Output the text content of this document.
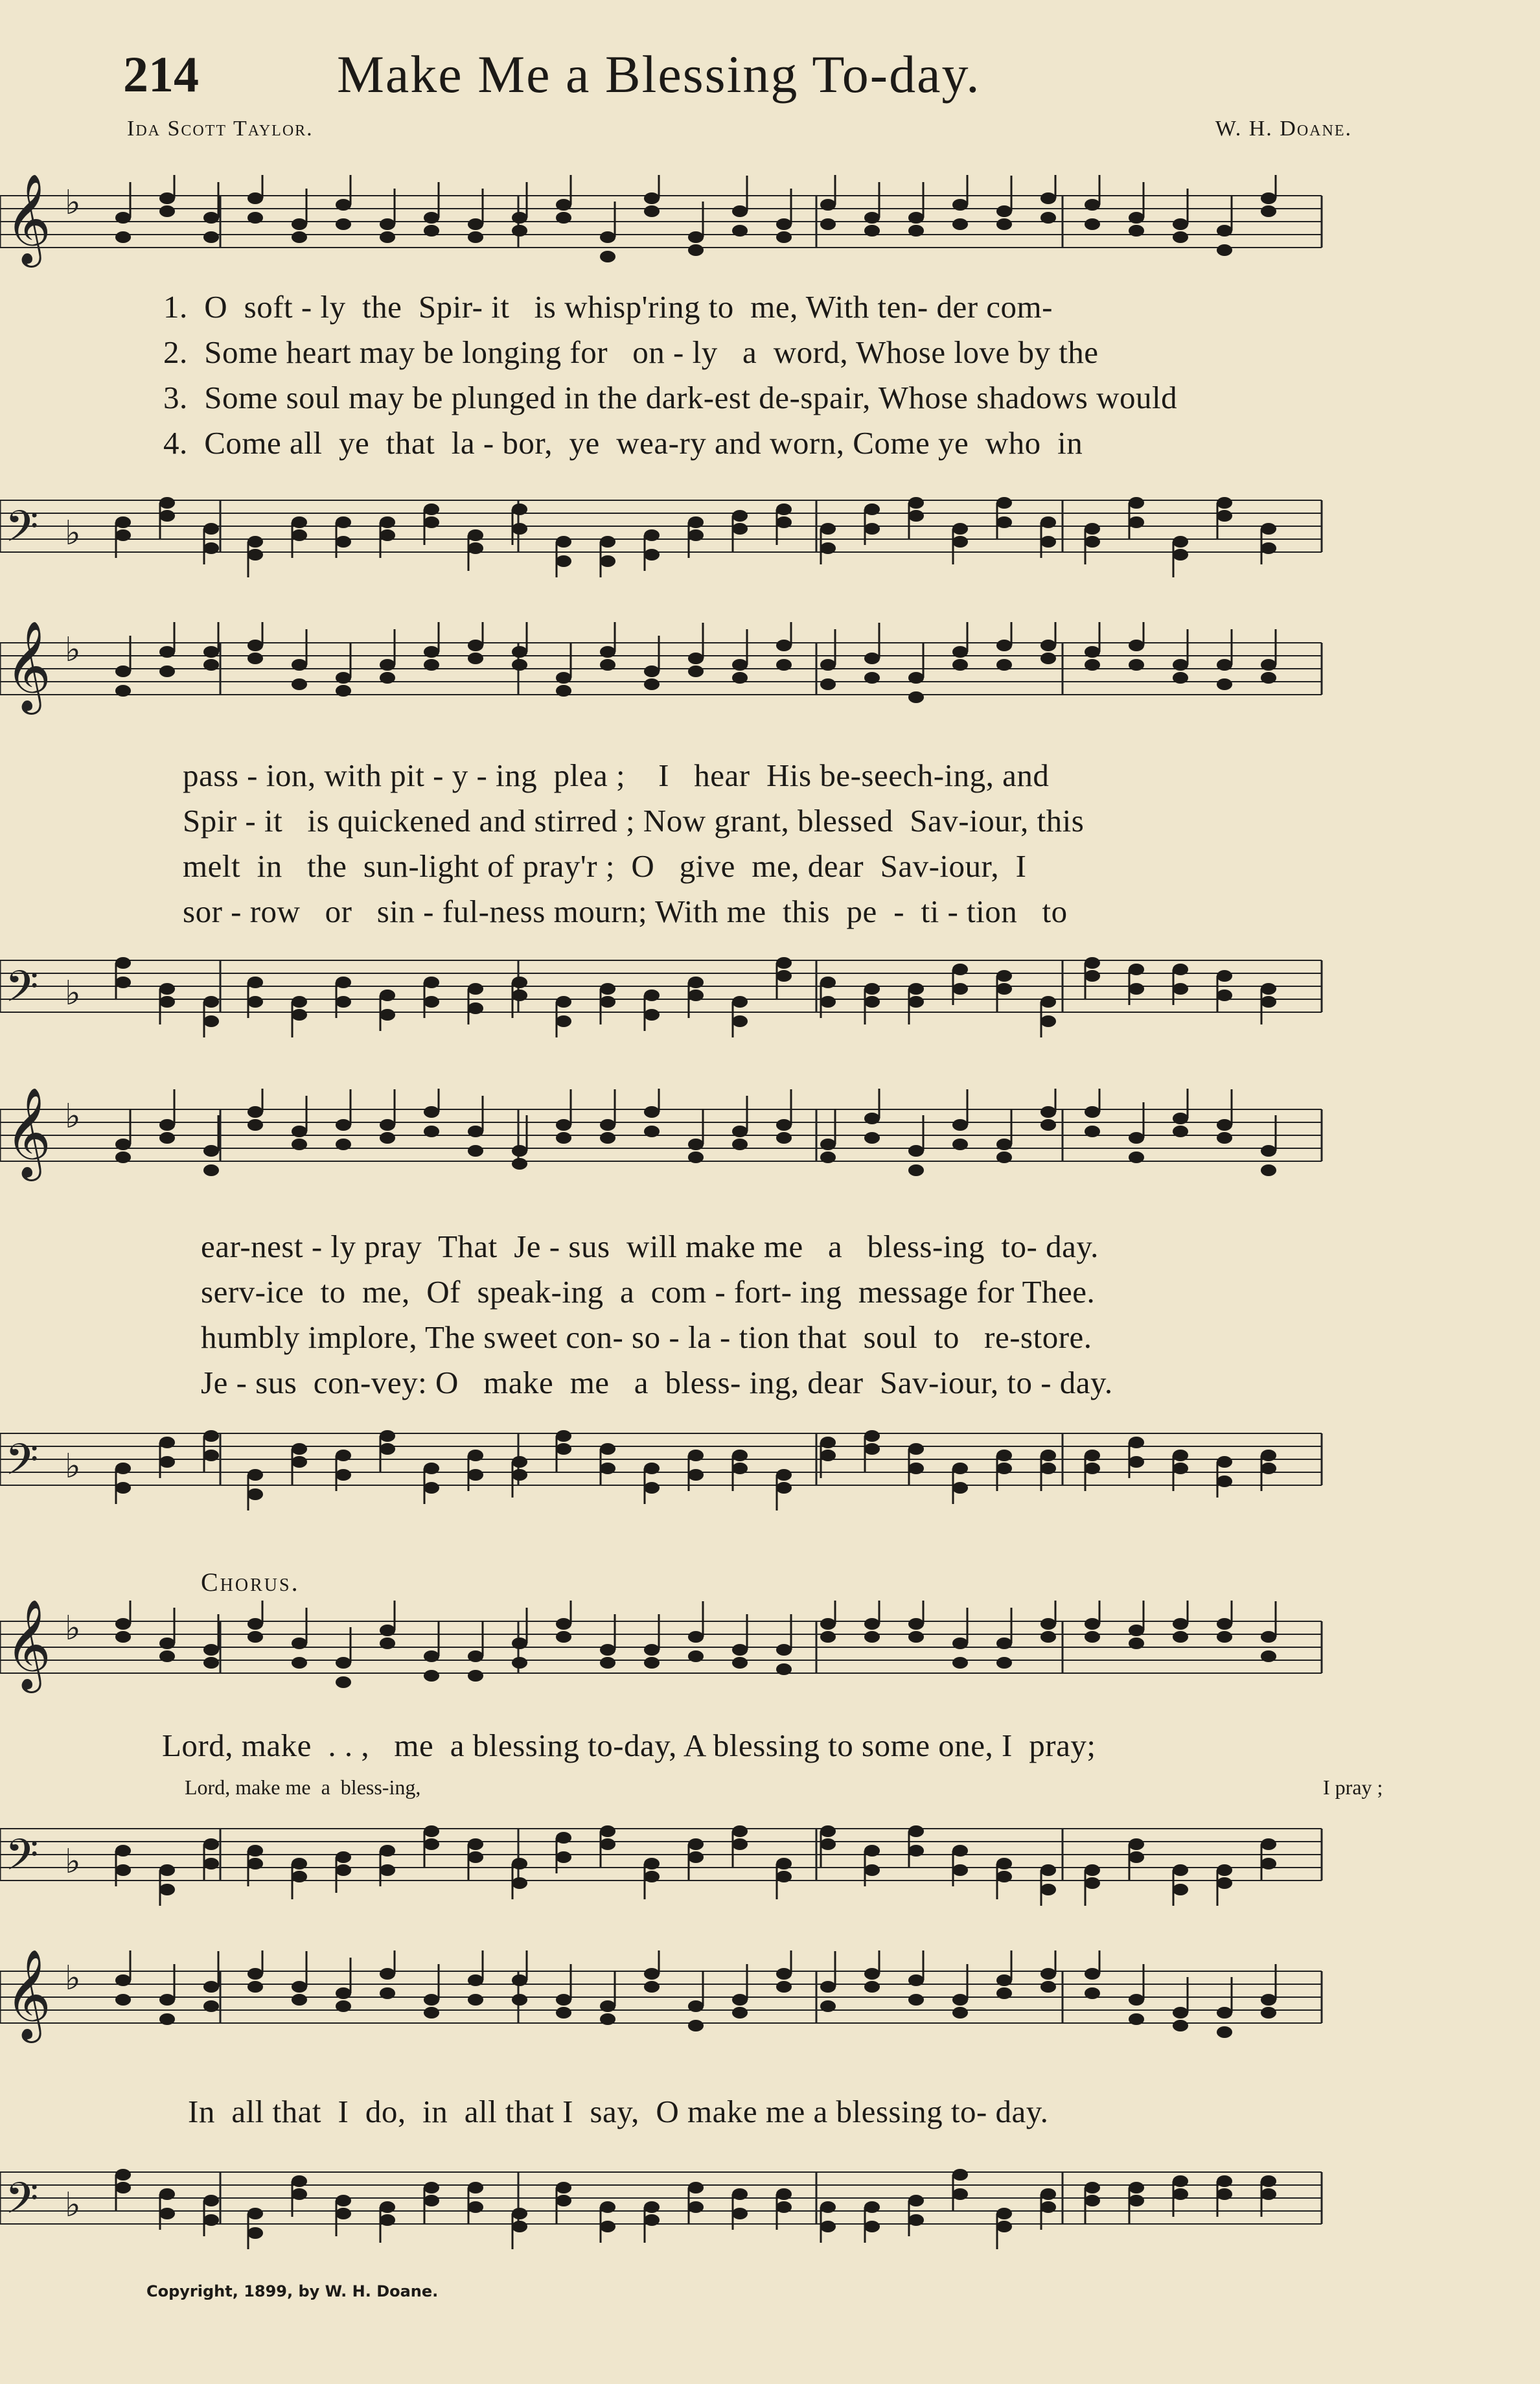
214	Make Me a Blessing To-day.
Ida Scott Taylor.	W. H. Doane.
𝄞 ♭
1.  O  soft - ly  the  Spir- it   is whisp'ring to  me, With ten- der com-
2.  Some heart may be longing for   on - ly   a  word, Whose love by the
3.  Some soul may be plunged in the dark-est de-spair, Whose shadows would
4.  Come all  ye  that  la - bor,  ye  wea-ry and worn, Come ye  who  in
𝄢 ♭
𝄞 ♭
pass - ion, with pit - y - ing  plea ;    I   hear  His be-seech-ing, and
Spir - it   is quickened and stirred ; Now grant, blessed  Sav-iour, this
melt  in   the  sun-light of pray'r ;  O   give  me, dear  Sav-iour,  I
sor - row   or   sin - ful-ness mourn; With me  this  pe  -  ti - tion   to
𝄢 ♭
𝄞 ♭
ear-nest - ly pray  That  Je - sus  will make me   a   bless-ing  to- day.
serv-ice  to  me,  Of  speak-ing  a  com - fort- ing  message for Thee.
humbly implore, The sweet con- so - la - tion that  soul  to   re-store.
Je - sus  con-vey: O   make  me   a  bless- ing, dear  Sav-iour, to - day.
𝄢 ♭
Chorus.
𝄞 ♭
Lord, make  . . ,   me  a blessing to-day, A blessing to some one, I  pray;
Lord, make me  a  bless-ing,	I pray ;
𝄢 ♭
𝄞 ♭
In  all that  I  do,  in  all that I  say,  O make me a blessing to- day.
𝄢 ♭
Copyright, 1899, by W. H. Doane.
